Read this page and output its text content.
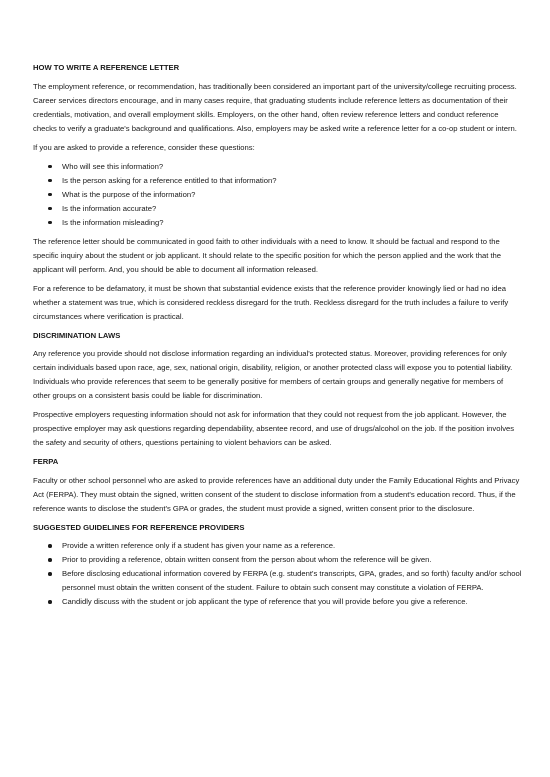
HOW TO WRITE A REFERENCE LETTER

The employment reference, or recommendation, has traditionally been considered an important part of the university/college recruiting process. Career services directors encourage, and in many cases require, that graduating students include reference letters as documentation of their credentials, motivation, and overall employment skills. Employers, on the other hand, often review reference letters and conduct reference checks to verify a graduate's background and qualifications. Also, employers may be asked write a reference letter for a co-op student or intern.

If you are asked to provide a reference, consider these questions:

Who will see this information?
Is the person asking for a reference entitled to that information?
What is the purpose of the information?
Is the information accurate?
Is the information misleading?

The reference letter should be communicated in good faith to other individuals with a need to know. It should be factual and respond to the specific inquiry about the student or job applicant. It should relate to the specific position for which the person applied and the work that the applicant will perform. And, you should be able to document all information released.

For a reference to be defamatory, it must be shown that substantial evidence exists that the reference provider knowingly lied or had no idea whether a statement was true, which is considered reckless disregard for the truth. Reckless disregard for the truth includes a failure to verify circumstances where verification is practical.

DISCRIMINATION LAWS

Any reference you provide should not disclose information regarding an individual's protected status. Moreover, providing references for only certain individuals based upon race, age, sex, national origin, disability, religion, or another protected class will expose you to potential liability. Individuals who provide references that seem to be generally positive for members of certain groups and generally negative for members of other groups on a consistent basis could be liable for discrimination.

Prospective employers requesting information should not ask for information that they could not request from the job applicant. However, the prospective employer may ask questions regarding dependability, absentee record, and use of drugs/alcohol on the job. If the position involves the safety and security of others, questions pertaining to violent behaviors can be asked.

FERPA

Faculty or other school personnel who are asked to provide references have an additional duty under the Family Educational Rights and Privacy Act (FERPA). They must obtain the signed, written consent of the student to disclose information from a student's education record. Thus, if the reference wants to disclose the student's GPA or grades, the student must provide a signed, written consent prior to the disclosure.

SUGGESTED GUIDELINES FOR REFERENCE PROVIDERS
Provide a written reference only if a student has given your name as a reference.
Prior to providing a reference, obtain written consent from the person about whom the reference will be given.
Before disclosing educational information covered by FERPA (e.g. student's transcripts, GPA, grades, and so forth) faculty and/or school personnel must obtain the written consent of the student. Failure to obtain such consent may constitute a violation of FERPA.
Candidly discuss with the student or job applicant the type of reference that you will provide before you give a reference.
